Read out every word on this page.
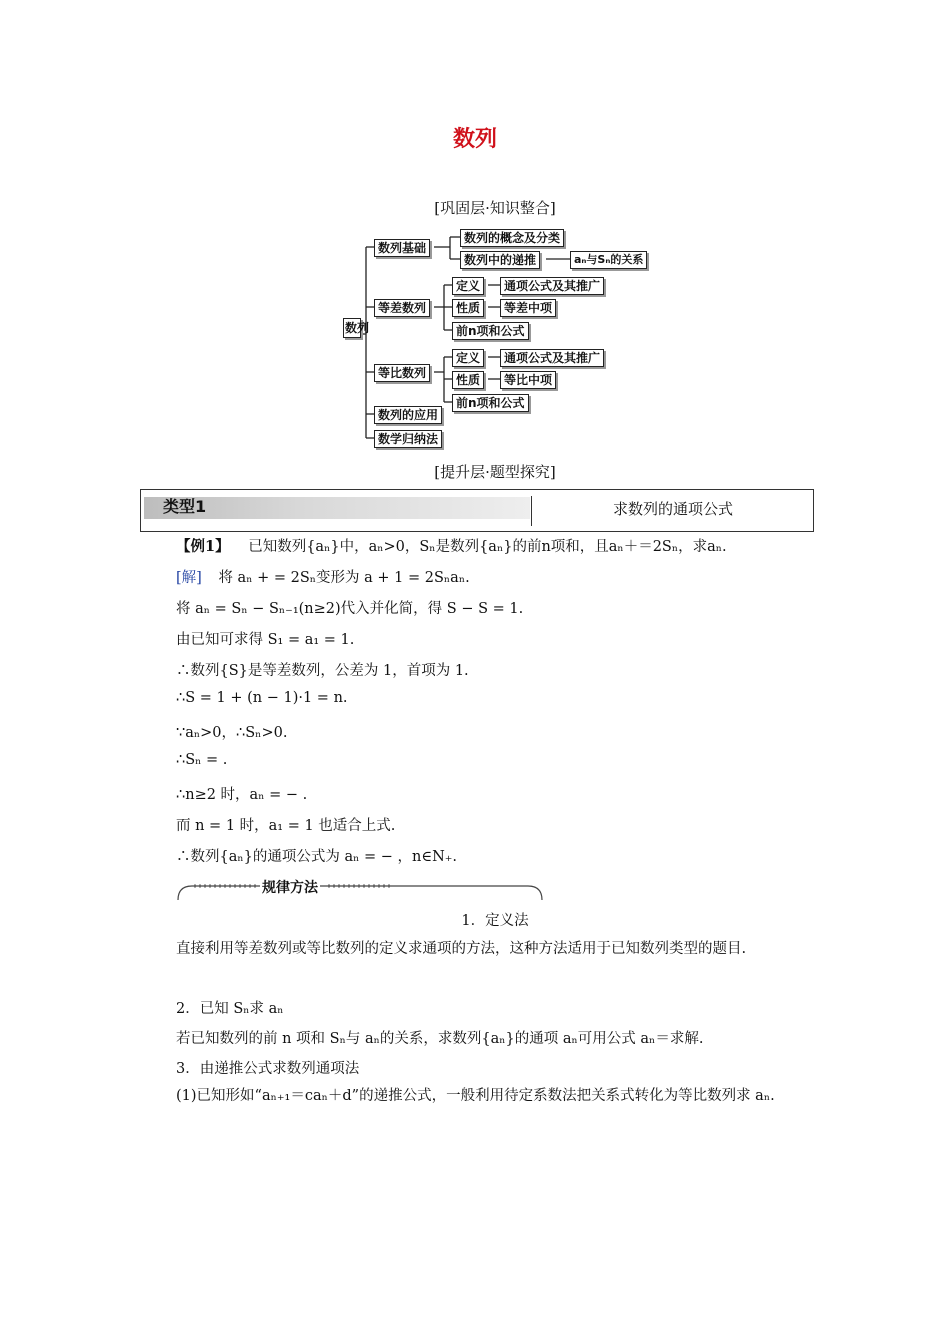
数列
[巩固层·知识整合]
数列
数列基础
数列的概念及分类
数列中的递推	aₙ与Sₙ的关系
等差数列
定义	通项公式及其推广
性质	等差中项
前n项和公式
等比数列
定义	通项公式及其推广
性质	等比中项
前n项和公式
数列的应用
数学归纳法
[提升层·题型探究]
类型1	求数列的通项公式
【例1】 已知数列{aₙ}中，aₙ>0，Sₙ是数列{aₙ}的前n项和，且aₙ＋＝2Sₙ，求aₙ.
[解] 将 aₙ + = 2Sₙ变形为 a + 1 = 2Sₙaₙ.
将 aₙ = Sₙ − Sₙ₋₁(n≥2)代入并化简，得 S − S = 1.
由已知可求得 S₁ = a₁ = 1.
∴数列{S}是等差数列，公差为 1，首项为 1.
∴S = 1 + (n − 1)·1 = n.
∵aₙ>0，∴Sₙ>0.
∴Sₙ = .
∴n≥2 时，aₙ = − .
而 n = 1 时，a₁ = 1 也适合上式.
∴数列{aₙ}的通项公式为 aₙ = − ，n∈N₊.
规律方法
1．定义法
直接利用等差数列或等比数列的定义求通项的方法，这种方法适用于已知数列类型的题目.
2．已知 Sₙ求 aₙ
若已知数列的前 n 项和 Sₙ与 aₙ的关系，求数列{aₙ}的通项 aₙ可用公式 aₙ＝求解.
3．由递推公式求数列通项法
(1)已知形如“aₙ₊₁＝caₙ＋d”的递推公式，一般利用待定系数法把关系式转化为等比数列求 aₙ.
